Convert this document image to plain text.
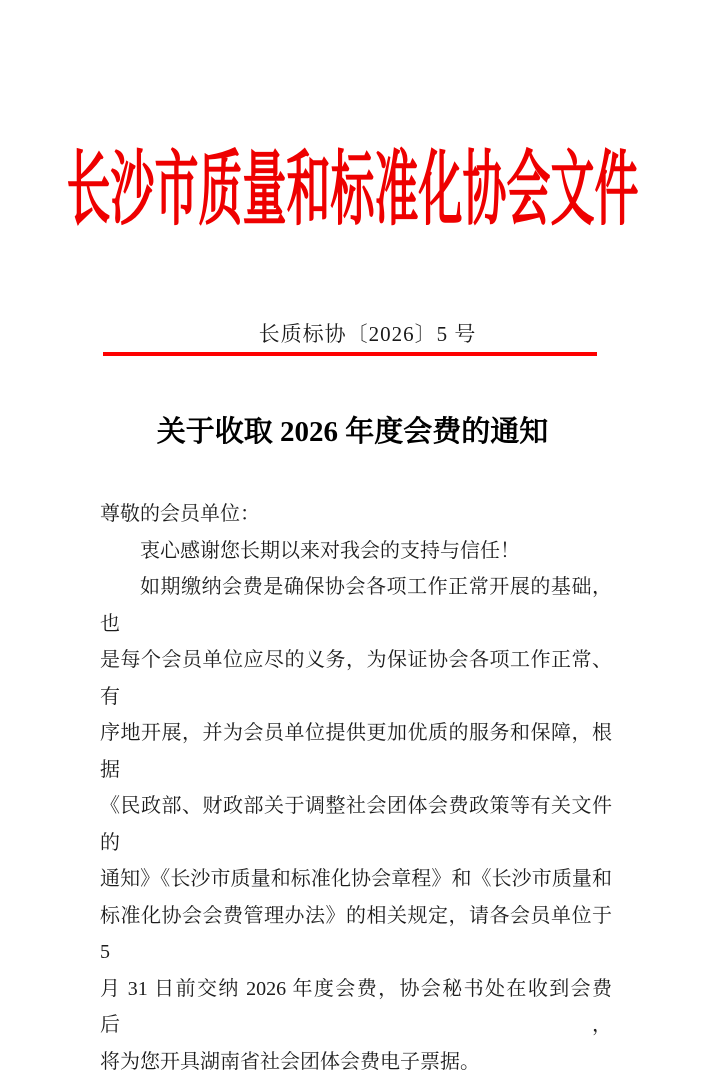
长沙市质量和标准化协会文件
长质标协〔2026〕5 号
关于收取 2026 年度会费的通知
尊敬的会员单位：
衷心感谢您长期以来对我会的支持与信任！
如期缴纳会费是确保协会各项工作正常开展的基础，也
是每个会员单位应尽的义务，为保证协会各项工作正常、有
序地开展，并为会员单位提供更加优质的服务和保障，根据
《民政部、财政部关于调整社会团体会费政策等有关文件的
通知》《长沙市质量和标准化协会章程》和《长沙市质量和
标准化协会会费管理办法》的相关规定，请各会员单位于 5
月 31 日前交纳 2026 年度会费，协会秘书处在收到会费后，
将为您开具湖南省社会团体会费电子票据。
